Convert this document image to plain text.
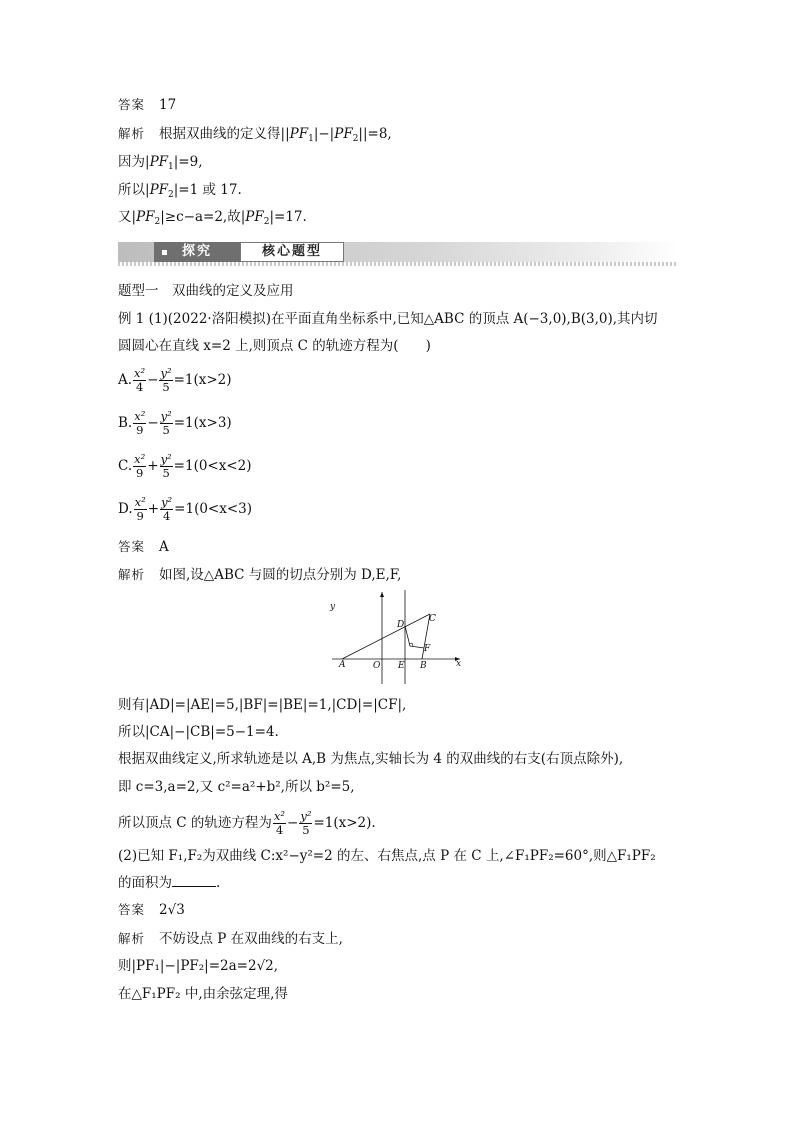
答案 17
解析 根据双曲线的定义得$||PF_1|-|PF_2||=8$,
因为$|PF_1|=9$,
所以$|PF_2|=1$ 或 17.
又$|PF_2|\ge c-a=2$,故$|PF_2|=17$.
探究	核心题型
题型一　双曲线的定义及应用
例 1 (1)(2022·洛阳模拟)在平面直角坐标系中,已知△ABC 的顶点 A(−3,0),B(3,0),其内切
圆圆心在直线 x=2 上,则顶点 C 的轨迹方程为(　　)
A. $\frac{\text{x²}}{4} - \frac{\text{y²}}{5} =1(x>2)$
B. $\frac{\text{x²}}{9} - \frac{\text{y²}}{5} =1(x>3)$
C. $\frac{\text{x²}}{9} + \frac{\text{y²}}{5} =1(0<x<2)$
D. $\frac{\text{x²}}{9} + \frac{\text{y²}}{4} =1(0<x<3)$
答案 A
解析 如图,设△ABC 与圆的切点分别为 D,E,F,
y
x
A	O E B
D
C
F
则有|AD|=|AE|=5,|BF|=|BE|=1,|CD|=|CF|,
所以|CA|−|CB|=5−1=4.
根据双曲线定义,所求轨迹是以 A,B 为焦点,实轴长为 4 的双曲线的右支(右顶点除外),
即 c=3,a=2,又 c²=a²+b²,所以 b²=5,
所以顶点 C 的轨迹方程为 $\frac{\text{x²}}{4} - \frac{\text{y²}}{5} =1(x>2)$.
(2)已知 F₁,F₂为双曲线 C:x²−y²=2 的左、右焦点,点 P 在 C 上,∠F₁PF₂=60°,则△F₁PF₂
的面积为	.
答案 2√3
解析 不妨设点 P 在双曲线的右支上,
则|PF₁|−|PF₂|=2a=2√2,
在△F₁PF₂ 中,由余弦定理,得
